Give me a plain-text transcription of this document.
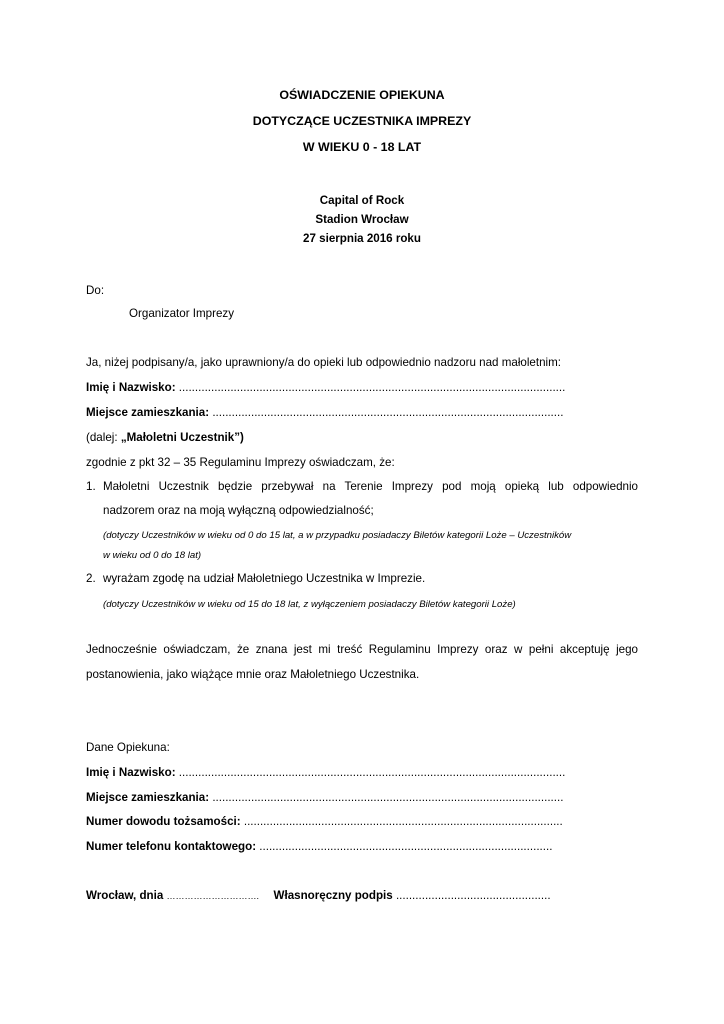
OŚWIADCZENIE OPIEKUNA
DOTYCZĄCE UCZESTNIKA IMPREZY
W WIEKU 0 - 18 LAT
Capital of Rock
Stadion Wrocław
27 sierpnia 2016 roku
Do:
Organizator Imprezy
Ja, niżej podpisany/a, jako uprawniony/a do opieki lub odpowiednio nadzoru nad małoletnim:
Imię i Nazwisko: ........................................................................................................................
Miejsce zamieszkania: .............................................................................................................
(dalej: „Małoletni Uczestnik”)
zgodnie z pkt 32 – 35 Regulaminu Imprezy oświadczam, że:
1. Małoletni Uczestnik będzie przebywał na Terenie Imprezy pod moją opieką lub odpowiednio
nadzorem oraz na moją wyłączną odpowiedzialność;
(dotyczy Uczestników w wieku od 0 do 15 lat, a w przypadku posiadaczy Biletów kategorii Loże – Uczestników
w wieku od 0 do 18 lat)
2. wyrażam zgodę na udział Małoletniego Uczestnika w Imprezie.
(dotyczy Uczestników w wieku od 15 do 18 lat, z wyłączeniem posiadaczy Biletów kategorii Loże)
Jednocześnie oświadczam, że znana jest mi treść Regulaminu Imprezy oraz w pełni akceptuję jego
postanowienia, jako wiążące mnie oraz Małoletniego Uczestnika.
Dane Opiekuna:
Imię i Nazwisko: ........................................................................................................................
Miejsce zamieszkania: .............................................................................................................
Numer dowodu tożsamości: ...................................................................................................
Numer telefonu kontaktowego: ...........................................................................................
Wrocław, dnia …………………………. Własnoręczny podpis ................................................
